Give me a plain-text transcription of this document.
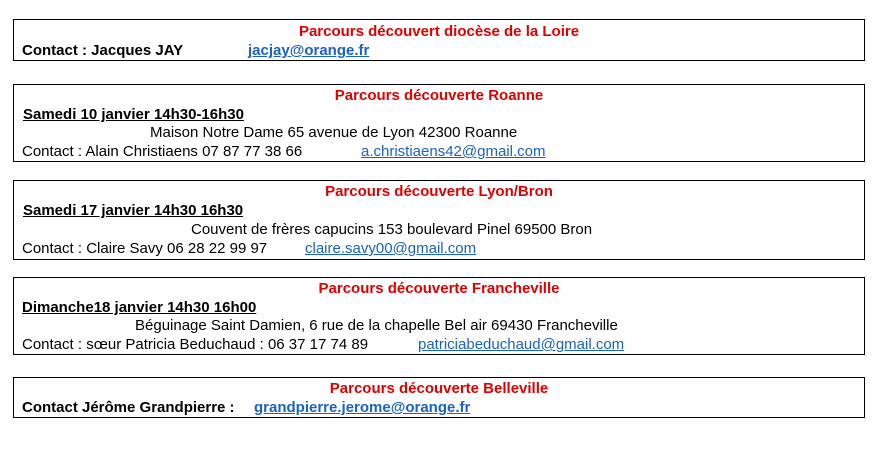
Parcours découvert diocèse de la Loire
Contact : Jacques JAY	jacjay@orange.fr
Parcours découverte Roanne
Samedi 10 janvier 14h30-16h30
Maison Notre Dame 65 avenue de Lyon 42300 Roanne
Contact : Alain Christiaens 07 87 77 38 66	a.christiaens42@gmail.com
Parcours découverte Lyon/Bron
Samedi 17 janvier 14h30 16h30
Couvent de frères capucins 153 boulevard Pinel 69500 Bron
Contact : Claire Savy 06 28 22 99 97	claire.savy00@gmail.com
Parcours découverte Francheville
Dimanche18 janvier 14h30 16h00
Béguinage Saint Damien, 6 rue de la chapelle Bel air 69430 Francheville
Contact : sœur Patricia Beduchaud : 06 37 17 74 89	patriciabeduchaud@gmail.com
Parcours découverte Belleville
Contact Jérôme Grandpierre : grandpierre.jerome@orange.fr
